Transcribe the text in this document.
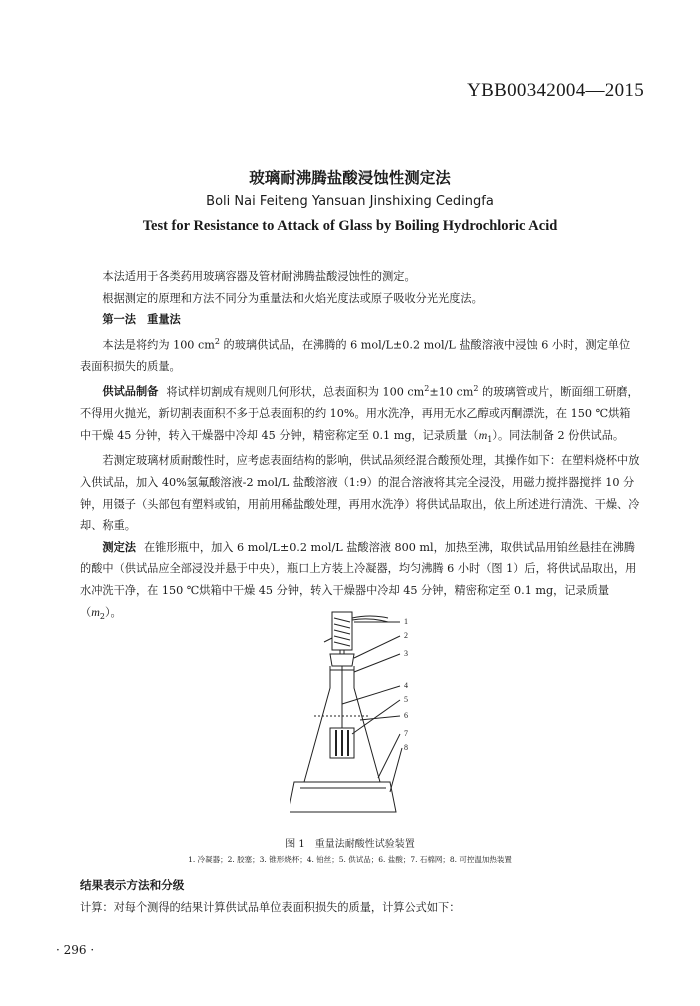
YBB00342004—2015
玻璃耐沸腾盐酸浸蚀性测定法
Boli Nai Feiteng Yansuan Jinshixing Cedingfa
Test for Resistance to Attack of Glass by Boiling Hydrochloric Acid

本法适用于各类药用玻璃容器及管材耐沸腾盐酸浸蚀性的测定。

根据测定的原理和方法不同分为重量法和火焰光度法或原子吸收分光光度法。

第一法　重量法

本法是将约为 100 $cm^2$ 的玻璃供试品，在沸腾的 6 mol/L±0.2 mol/L 盐酸溶液中浸蚀 6 小时，测定单位表面积损失的质量。

供试品制备 将试样切割成有规则几何形状，总表面积为 100 $cm^2\pm 10$ $cm^2$ 的玻璃管或片，断面细工研磨，不得用火抛光，新切割表面积不多于总表面积的约 10%。用水洗净，再用无水乙醇或丙酮漂洗，在 150 ℃烘箱中干燥 45 分钟，转入干燥器中冷却 45 分钟，精密称定至 0.1 mg，记录质量$(m_1)$。同法制备 2 份供试品。

若测定玻璃材质耐酸性时，应考虑表面结构的影响，供试品须经混合酸预处理，其操作如下：在塑料烧杯中放入供试品，加入 40%氢氟酸溶液-2 mol/L 盐酸溶液（1:9）的混合溶液将其完全浸没，用磁力搅拌器搅拌 10 分钟，用镊子（头部包有塑料或铂，用前用稀盐酸处理，再用水洗净）将供试品取出，依上所述进行清洗、干燥、冷却、称重。

测定法 在锥形瓶中，加入 6 mol/L±0.2 mol/L 盐酸溶液 800 ml，加热至沸，取供试品用铂丝悬挂在沸腾的酸中（供试品应全部浸没并悬于中央），瓶口上方装上冷凝器，均匀沸腾 6 小时（图 1）后，将供试品取出，用水冲洗干净，在 150 ℃烘箱中干燥 45 分钟，转入干燥器中冷却 45 分钟，精密称定至 0.1 mg，记录质量$(m_2)$。

1
2
3
4
5
6
7
8
图 1　重量法耐酸性试验装置
1. 冷凝器；2. 胶塞；3. 锥形烧杯；4. 铂丝；5. 供试品；6. 盐酸；7. 石棉网；8. 可控温加热装置
结果表示方法和分级
计算：对每个测得的结果计算供试品单位表面积损失的质量，计算公式如下：
· 296 ·
